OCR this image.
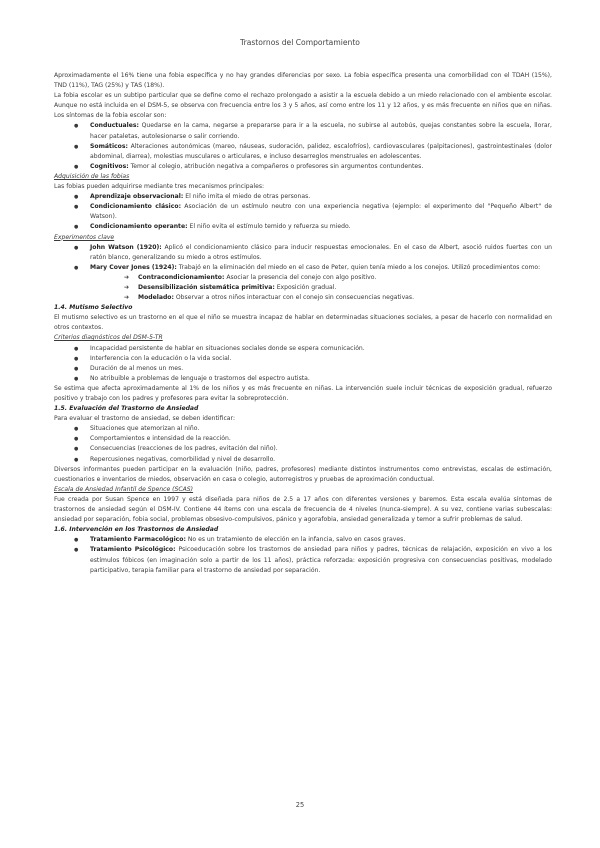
Trastornos del Comportamiento

Aproximadamente el 16% tiene una fobia específica y no hay grandes diferencias por sexo. La fobia específica presenta una comorbilidad con el TDAH (15%), TND (11%), TAG (25%) y TAS (18%).

La fobia escolar es un subtipo particular que se define como el rechazo prolongado a asistir a la escuela debido a un miedo relacionado con el ambiente escolar. Aunque no está incluida en el DSM-5, se observa con frecuencia entre los 3 y 5 años, así como entre los 11 y 12 años, y es más frecuente en niños que en niñas. Los síntomas de la fobia escolar son:

● Conductuales: Quedarse en la cama, negarse a prepararse para ir a la escuela, no subirse al autobús, quejas constantes sobre la escuela, llorar, hacer pataletas, autolesionarse o salir corriendo.
● Somáticos: Alteraciones autonómicas (mareo, náuseas, sudoración, palidez, escalofríos), cardiovasculares (palpitaciones), gastrointestinales (dolor abdominal, diarrea), molestias musculares o articulares, e incluso desarreglos menstruales en adolescentes.
● Cognitivos: Temor al colegio, atribución negativa a compañeros o profesores sin argumentos contundentes.

Adquisición de las fobias

Las fobias pueden adquirirse mediante tres mecanismos principales:

● Aprendizaje observacional: El niño imita el miedo de otras personas.
● Condicionamiento clásico: Asociación de un estímulo neutro con una experiencia negativa (ejemplo: el experimento del "Pequeño Albert" de Watson).
● Condicionamiento operante: El niño evita el estímulo temido y refuerza su miedo.

Experimentos clave

● John Watson (1920): Aplicó el condicionamiento clásico para inducir respuestas emocionales. En el caso de Albert, asoció ruidos fuertes con un ratón blanco, generalizando su miedo a otros estímulos.
● Mary Cover Jones (1924): Trabajó en la eliminación del miedo en el caso de Peter, quien tenía miedo a los conejos. Utilizó procedimientos como:
➔ Contracondicionamiento: Asociar la presencia del conejo con algo positivo.
➔ Desensibilización sistemática primitiva: Exposición gradual.
➔ Modelado: Observar a otros niños interactuar con el conejo sin consecuencias negativas.

1.4. Mutismo Selectivo

El mutismo selectivo es un trastorno en el que el niño se muestra incapaz de hablar en determinadas situaciones sociales, a pesar de hacerlo con normalidad en otros contextos.

Criterios diagnósticos del DSM-5-TR

● Incapacidad persistente de hablar en situaciones sociales donde se espera comunicación.
● Interferencia con la educación o la vida social.
● Duración de al menos un mes.
● No atribuible a problemas de lenguaje o trastornos del espectro autista.

Se estima que afecta aproximadamente al 1% de los niños y es más frecuente en niñas. La intervención suele incluir técnicas de exposición gradual, refuerzo positivo y trabajo con los padres y profesores para evitar la sobreprotección.

1.5. Evaluación del Trastorno de Ansiedad

Para evaluar el trastorno de ansiedad, se deben identificar:

● Situaciones que atemorizan al niño.
● Comportamientos e intensidad de la reacción.
● Consecuencias (reacciones de los padres, evitación del niño).
● Repercusiones negativas, comorbilidad y nivel de desarrollo.

Diversos informantes pueden participar en la evaluación (niño, padres, profesores) mediante distintos instrumentos como entrevistas, escalas de estimación, cuestionarios e inventarios de miedos, observación en casa o colegio, autorregistros y pruebas de aproximación conductual.

Escala de Ansiedad Infantil de Spence (SCAS)

Fue creada por Susan Spence en 1997 y está diseñada para niños de 2.5 a 17 años con diferentes versiones y baremos. Esta escala evalúa síntomas de trastornos de ansiedad según el DSM-IV. Contiene 44 ítems con una escala de frecuencia de 4 niveles (nunca-siempre). A su vez, contiene varias subescalas: ansiedad por separación, fobia social, problemas obsesivo-compulsivos, pánico y agorafobia, ansiedad generalizada y temor a sufrir problemas de salud.

1.6. Intervención en los Trastornos de Ansiedad

● Tratamiento Farmacológico: No es un tratamiento de elección en la infancia, salvo en casos graves.
● Tratamiento Psicológico: Psicoeducación sobre los trastornos de ansiedad para niños y padres, técnicas de relajación, exposición en vivo a los estímulos fóbicos (en imaginación solo a partir de los 11 años), práctica reforzada: exposición progresiva con consecuencias positivas, modelado participativo, terapia familiar para el trastorno de ansiedad por separación.
25
